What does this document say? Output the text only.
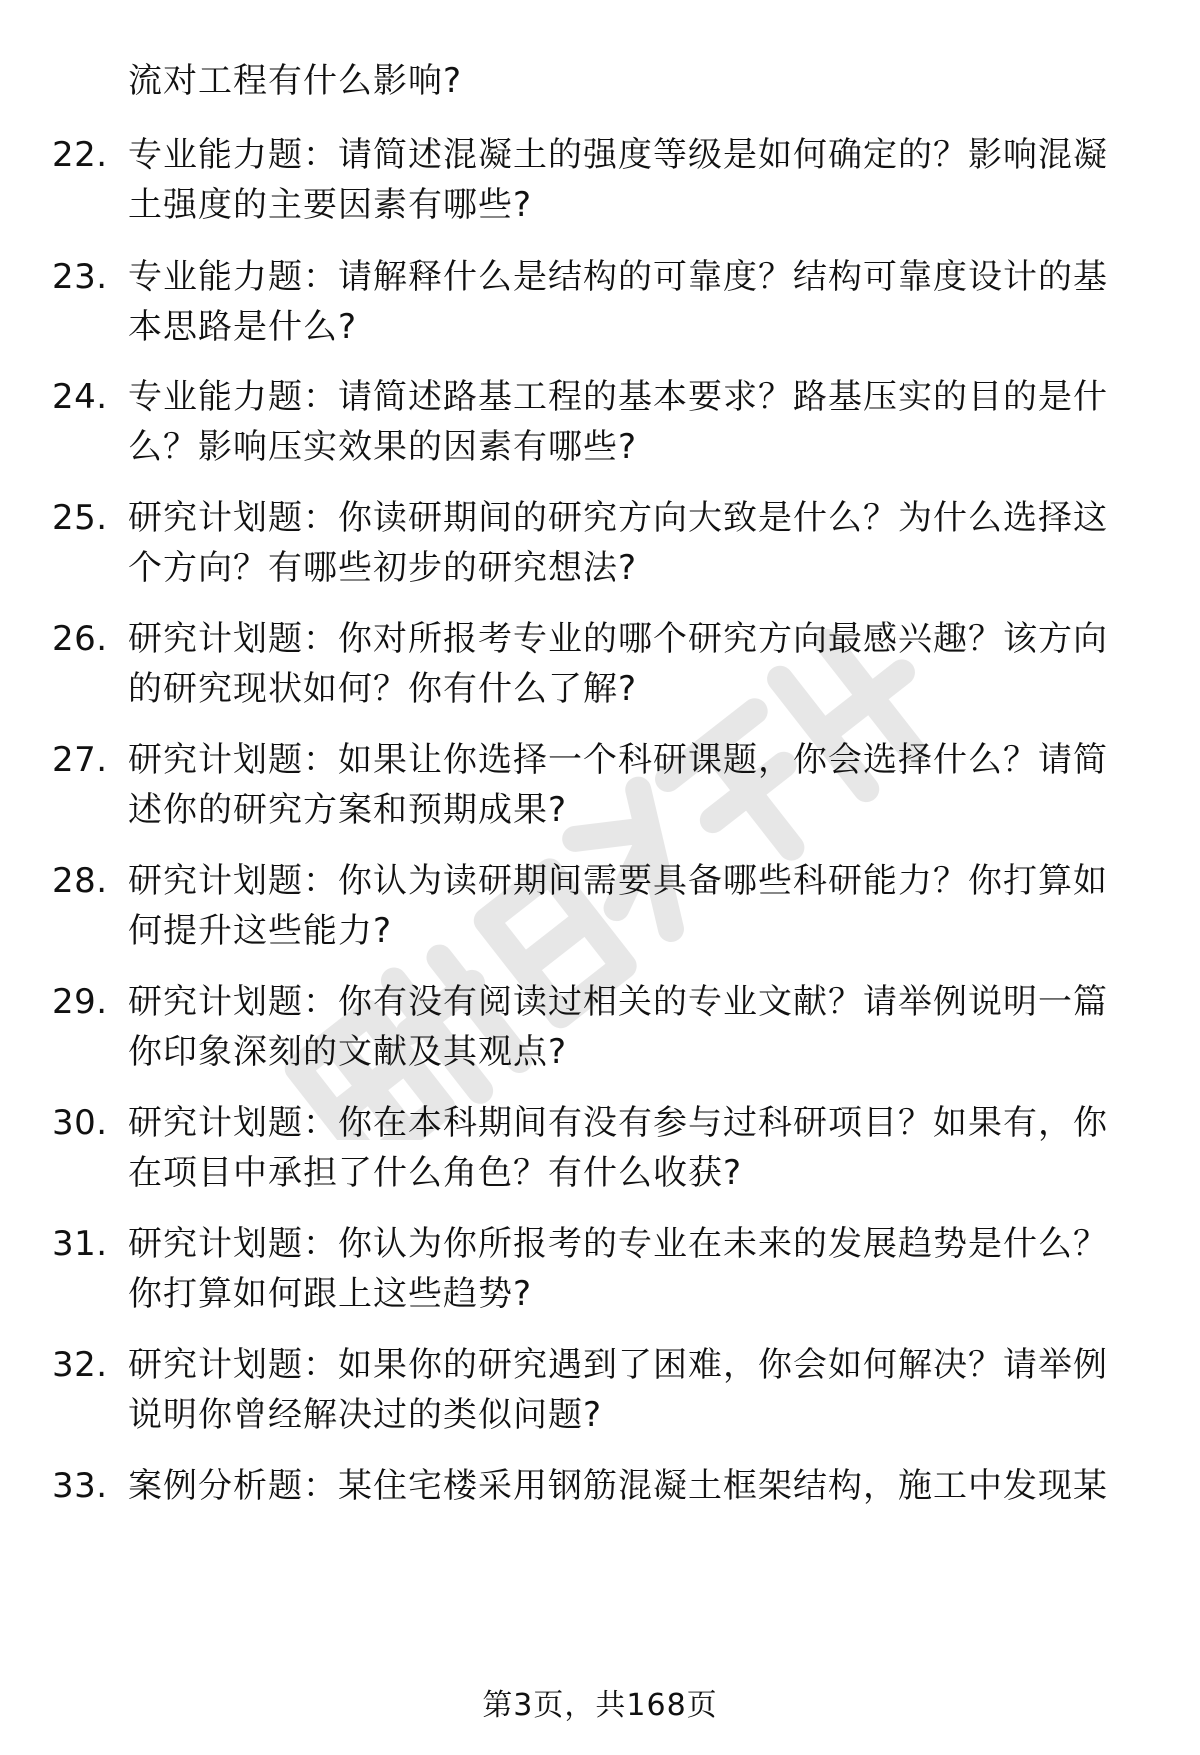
流对工程有什么影响?
22. 专业能力题：请简述混凝土的强度等级是如何确定的？影响混凝土强度的主要因素有哪些?
23. 专业能力题：请解释什么是结构的可靠度？结构可靠度设计的基本思路是什么?
24. 专业能力题：请简述路基工程的基本要求？路基压实的目的是什么？影响压实效果的因素有哪些?
25. 研究计划题：你读研期间的研究方向大致是什么？为什么选择这个方向？有哪些初步的研究想法?
26. 研究计划题：你对所报考专业的哪个研究方向最感兴趣？该方向的研究现状如何？你有什么了解?
27. 研究计划题：如果让你选择一个科研课题，你会选择什么？请简述你的研究方案和预期成果?
28. 研究计划题：你认为读研期间需要具备哪些科研能力？你打算如何提升这些能力?
29. 研究计划题：你有没有阅读过相关的专业文献？请举例说明一篇你印象深刻的文献及其观点?
30. 研究计划题：你在本科期间有没有参与过科研项目？如果有，你在项目中承担了什么角色？有什么收获?
31. 研究计划题：你认为你所报考的专业在未来的发展趋势是什么？你打算如何跟上这些趋势?
32. 研究计划题：如果你的研究遇到了困难，你会如何解决？请举例说明你曾经解决过的类似问题?
33. 案例分析题：某住宅楼采用钢筋混凝土框架结构，施工中发现某
第3页，共168页
